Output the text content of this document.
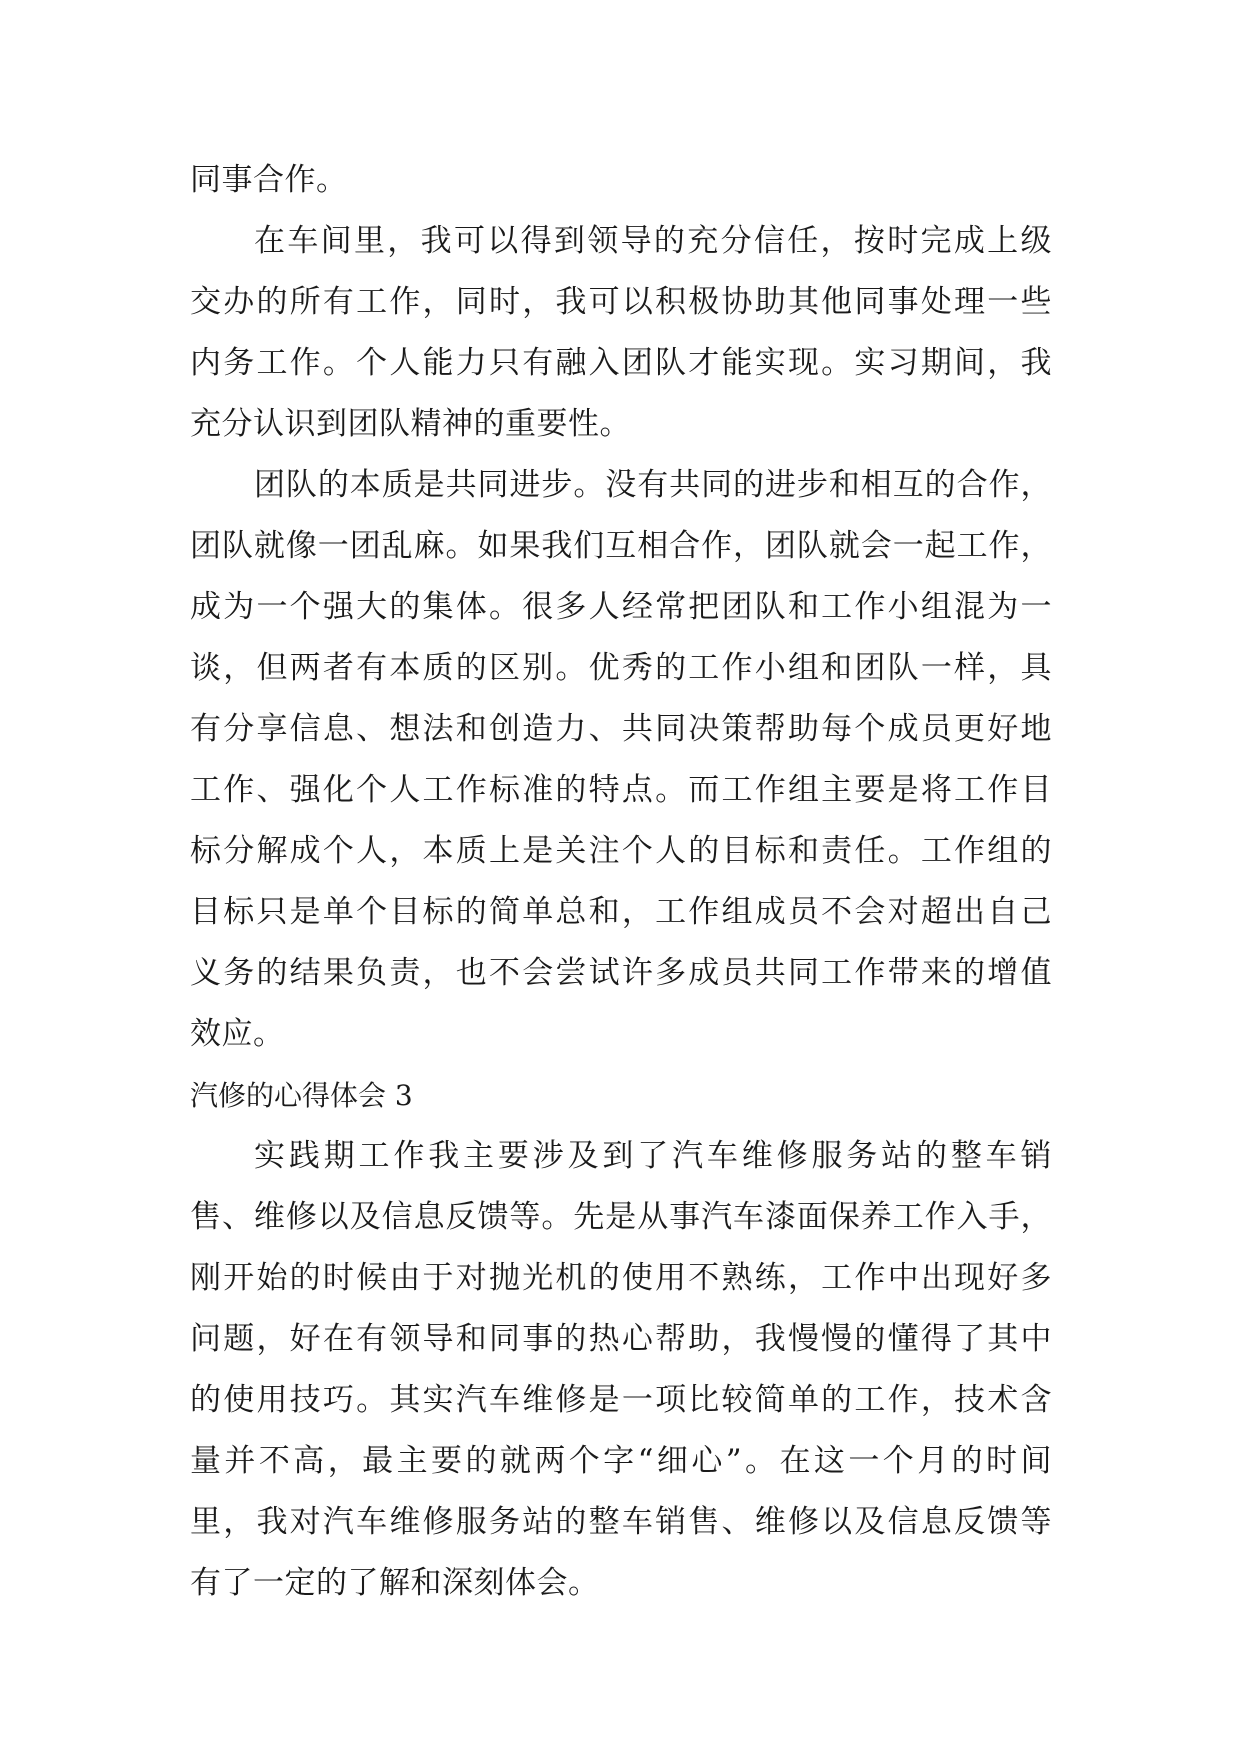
同事合作。
在车间里，我可以得到领导的充分信任，按时完成上级
交办的所有工作，同时，我可以积极协助其他同事处理一些
内务工作。个人能力只有融入团队才能实现。实习期间，我
充分认识到团队精神的重要性。
团队的本质是共同进步。没有共同的进步和相互的合作，
团队就像一团乱麻。如果我们互相合作，团队就会一起工作，
成为一个强大的集体。很多人经常把团队和工作小组混为一
谈，但两者有本质的区别。优秀的工作小组和团队一样，具
有分享信息、想法和创造力、共同决策帮助每个成员更好地
工作、强化个人工作标准的特点。而工作组主要是将工作目
标分解成个人，本质上是关注个人的目标和责任。工作组的
目标只是单个目标的简单总和，工作组成员不会对超出自己
义务的结果负责，也不会尝试许多成员共同工作带来的增值
效应。
汽修的心得体会 3
实践期工作我主要涉及到了汽车维修服务站的整车销
售、维修以及信息反馈等。先是从事汽车漆面保养工作入手，
刚开始的时候由于对抛光机的使用不熟练，工作中出现好多
问题，好在有领导和同事的热心帮助，我慢慢的懂得了其中
的使用技巧。其实汽车维修是一项比较简单的工作，技术含
量并不高，最主要的就两个字“细心”。在这一个月的时间
里，我对汽车维修服务站的整车销售、维修以及信息反馈等
有了一定的了解和深刻体会。
